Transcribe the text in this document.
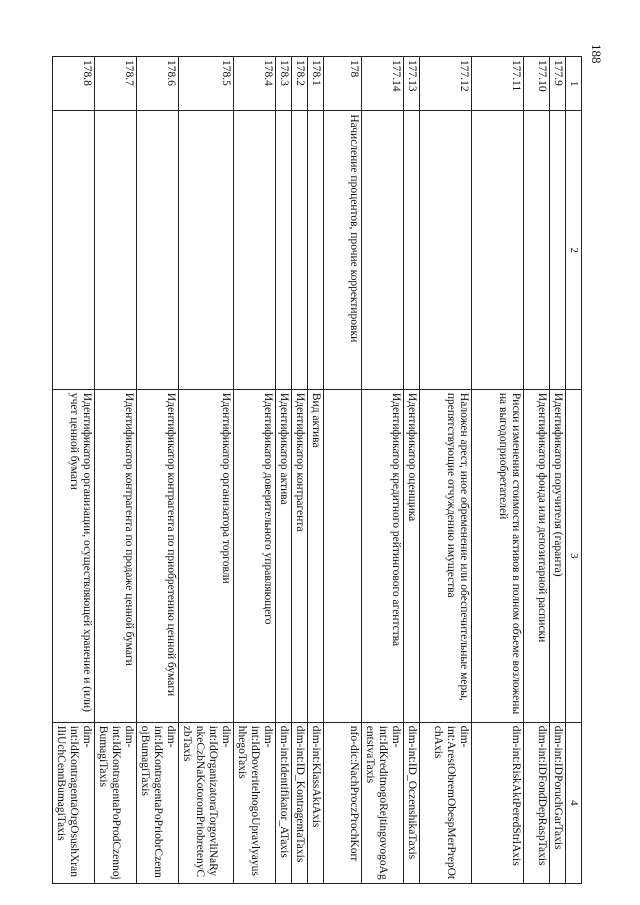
188
1	2	3	4
177.9		Идентификатор поручителя (гаранта)	dim-int:IDPoruchGarTaxis
177.10		Идентификатор фонда или депозитарной расписки	dim-int:IDFondDepRaspTaxis
177.11		Риски изменения стоимости активов в полном объеме возложены на выгодоприобретателей	dim-int:RiskAktPeredStrlAxis
177.12		Наложен арест, иное обременение или обеспечительные меры, препятствующие отчуждению имущества	dim-int:ArestObremObespMerPrepOtchAxis
177.13		Идентификатор оценщика	dim-int:ID_OczenshikaTaxis
177.14		Идентификатор кредитного рейтингового агентства	dim-int:IdKreditnogoRejtingovogoAgentstvaTaxis
178	Начисление процентов, прочие корректировки		nfo-dic:NachProczProchKorr
178.1		Вид актива	dim-int:KlassAktAxis
178.2		Идентификатор контрагента	dim-int:ID_KontragentaTaxis
178.3		Идентификатор актива	dim-int:Identifikator_ATaxis
178.4		Идентификатор доверительного управляющего	dim-int:IdDoveritelnogoUpravlyayushhegoTaxis
178.5		Идентификатор организатора торговли	dim-int:IdOrganizatoraTorgovliNaRynkeCzbNaKotoromPriobretenyCzbTaxis
178.6		Идентификатор контрагента по приобретению ценной бумаги	dim-int:IdKontragentaPoPriobrCzennojBumagiTaxis
178.7		Идентификатор контрагента по продаже ценной бумаги	dim-int:IdKontragentaPoProdCzennojBumagiTaxis
178.8		Идентификатор организации, осуществляющей хранение и (или) учет ценной бумаги	dim-int:IdKontragentaOrgOsushXranIliUchCennBumagiTaxis
